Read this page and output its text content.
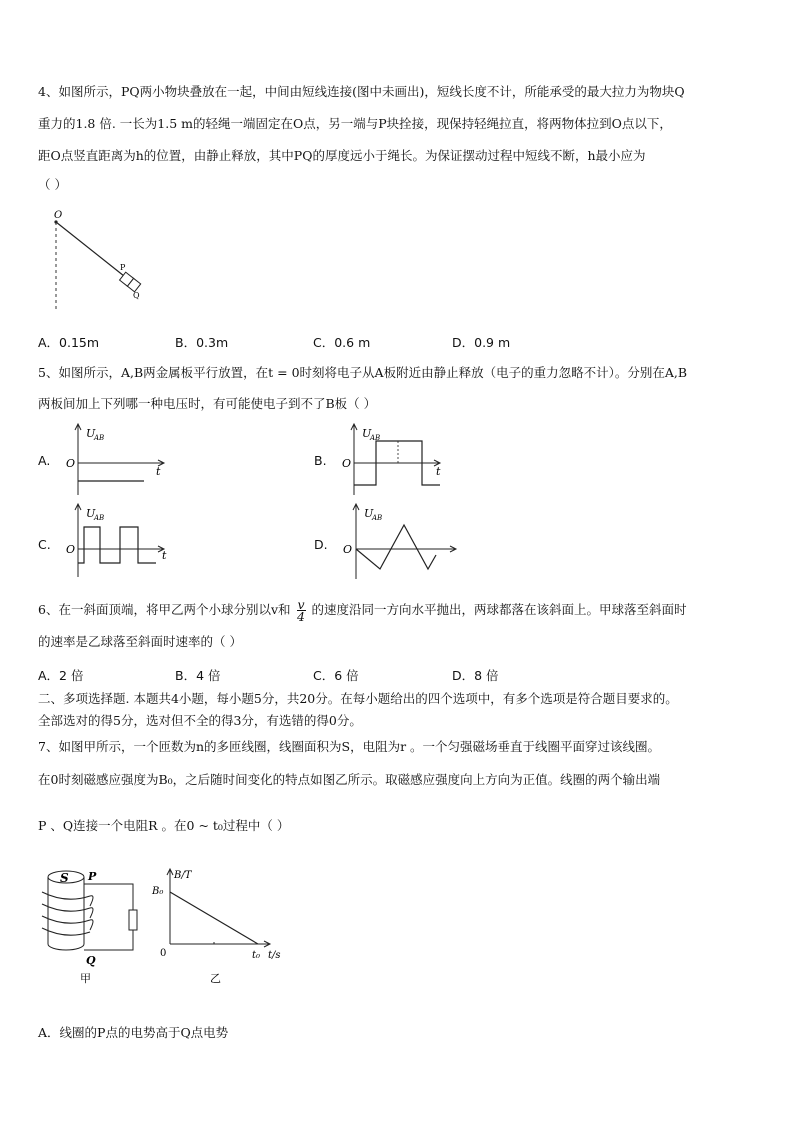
4、如图所示，PQ两小物块叠放在一起，中间由短线连接(图中未画出)，短线长度不计，所能承受的最大拉力为物块Q
重力的1.8 倍. 一长为1.5 m的轻绳一端固定在O点，另一端与P块拴接，现保持轻绳拉直，将两物体拉到O点以下，
距O点竖直距离为h的位置，由静止释放，其中PQ的厚度远小于绳长。为保证摆动过程中短线不断，h最小应为
（ ）
O
P
Q
A．0.15m	B．0.3m	C．0.6 m	D．0.9 m
5、如图所示，A,B两金属板平行放置，在t = 0时刻将电子从A板附近由静止释放（电子的重力忽略不计）。分别在A,B
两板间加上下列哪一种电压时，有可能使电子到不了B板（ ）
A.	B.
C.	D.
U
AB
O
t
U
AB
O
t
U
AB
O	t
U
AB
O
6、在一斜面顶端，将甲乙两个小球分别以v和 $\frac{v}{4}$ 的速度沿同一方向水平抛出，两球都落在该斜面上。甲球落至斜面时
的速率是乙球落至斜面时速率的（ ）
A．2 倍	B．4 倍	C．6 倍	D．8 倍
二、多项选择题. 本题共4小题，每小题5分，共20分。在每小题给出的四个选项中，有多个选项是符合题目要求的。
全部选对的得5分，选对但不全的得3分，有选错的得0分。
7、如图甲所示，一个匝数为n的多匝线圈，线圈面积为S，电阻为r 。一个匀强磁场垂直于线圈平面穿过该线圈。
在0时刻磁感应强度为B₀，之后随时间变化的特点如图乙所示。取磁感应强度向上方向为正值。线圈的两个输出端
P 、Q连接一个电阻R 。在0 ~ t₀过程中（ ）
S P
Q
甲
B/T
B₀
0	t₀ t/s
乙
A．线圈的P点的电势高于Q点电势
